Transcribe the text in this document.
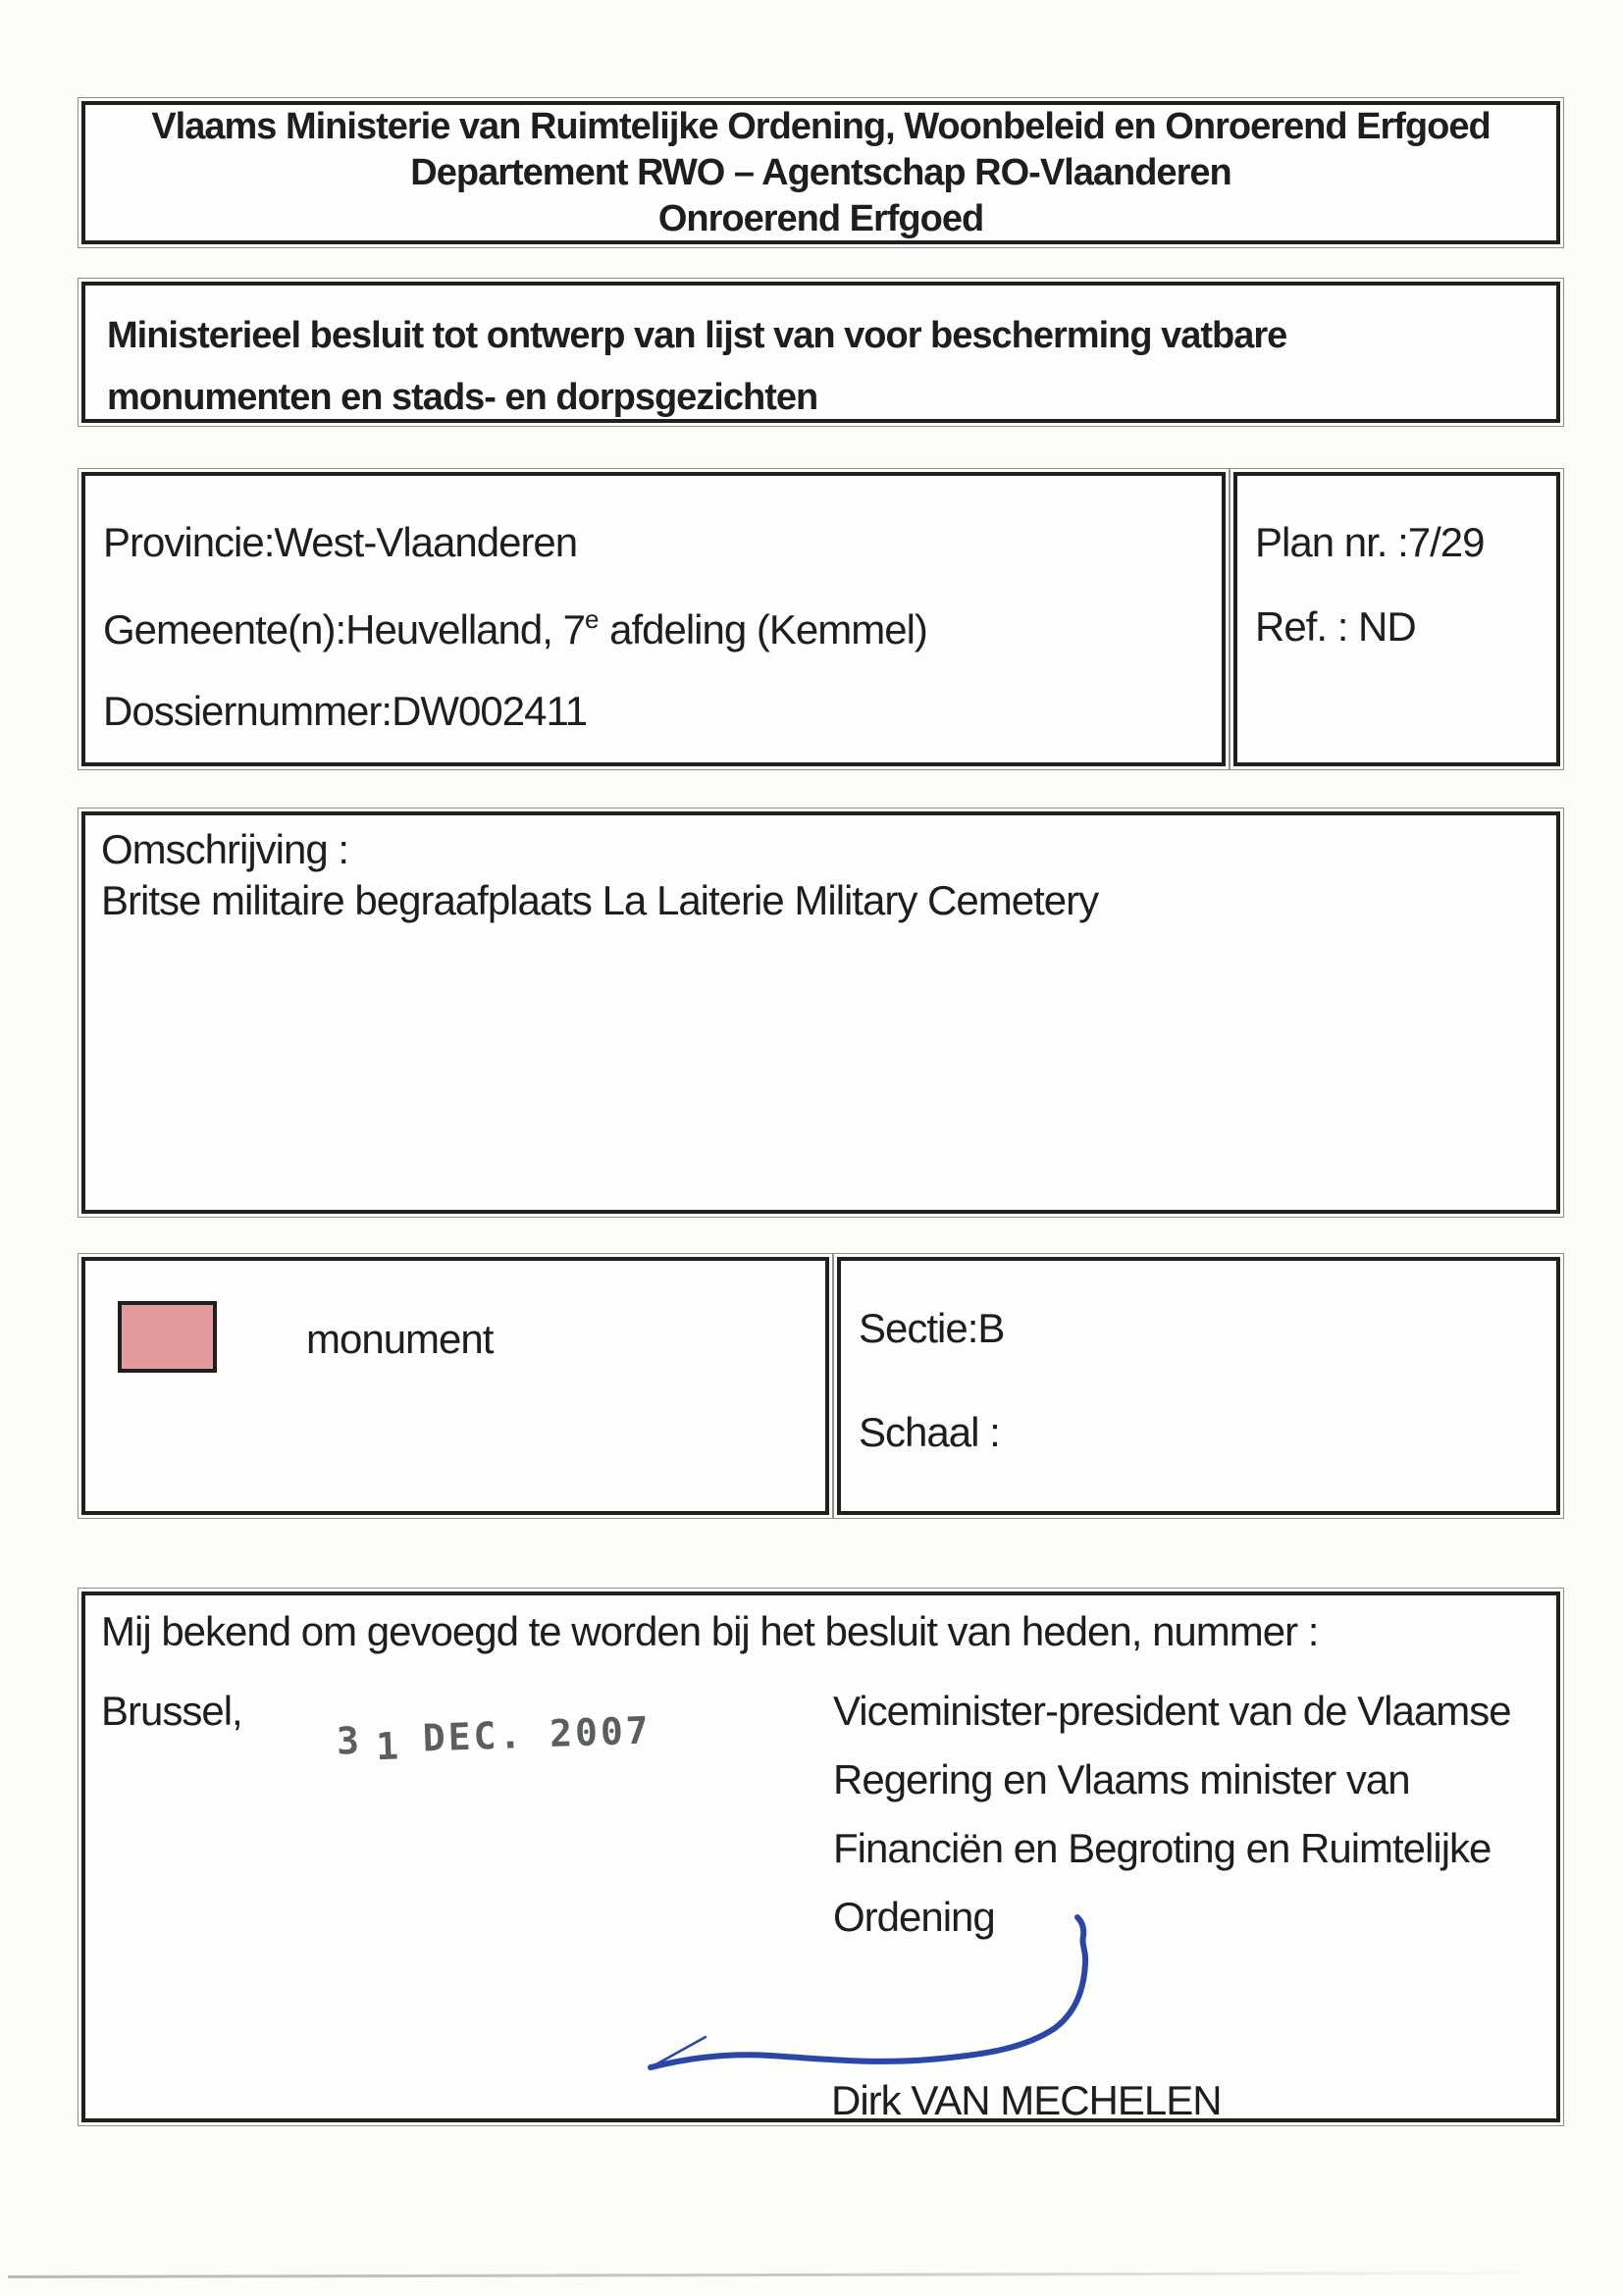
Vlaams Ministerie van Ruimtelijke Ordening, Woonbeleid en Onroerend Erfgoed
Departement RWO – Agentschap RO-Vlaanderen
Onroerend Erfgoed
Ministerieel besluit tot ontwerp van lijst van voor bescherming vatbare monumenten en stads- en dorpsgezichten
Provincie:West-Vlaanderen
Gemeente(n):Heuvelland, 7e afdeling (Kemmel)
Dossiernummer:DW002411
Plan nr. :7/29
Ref. : ND
Omschrijving :
Britse militaire begraafplaats La Laiterie Military Cemetery
monument	Sectie:B
Schaal :
Mij bekend om gevoegd te worden bij het besluit van heden, nummer :
Brussel,
3 1 DEC. 2007	Viceminister-president van de Vlaamse Regering en Vlaams minister van Financiën en Begroting en Ruimtelijke Ordening
Dirk VAN MECHELEN
